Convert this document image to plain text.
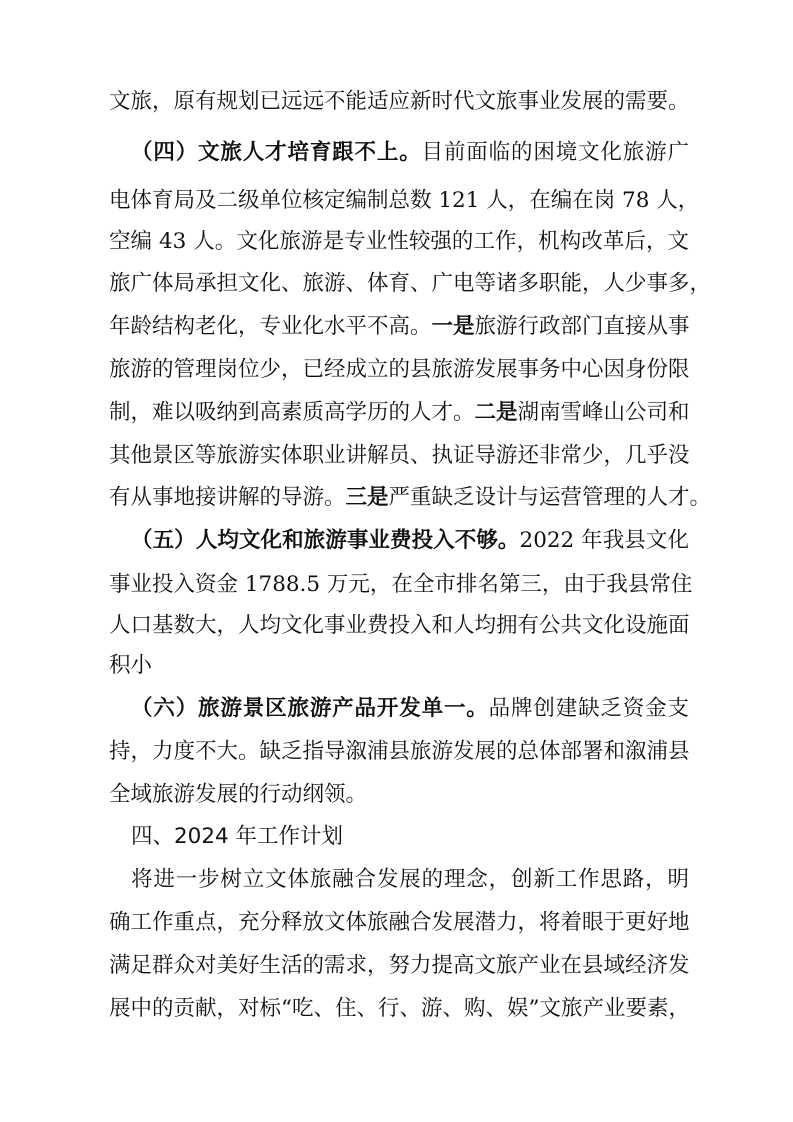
文旅，原有规划已远远不能适应新时代文旅事业发展的需要。
（四）文旅人才培育跟不上。目前面临的困境文化旅游广
电体育局及二级单位核定编制总数 121 人，在编在岗 78 人，
空编 43 人。文化旅游是专业性较强的工作，机构改革后，文
旅广体局承担文化、旅游、体育、广电等诸多职能，人少事多，
年龄结构老化，专业化水平不高。一是旅游行政部门直接从事
旅游的管理岗位少，已经成立的县旅游发展事务中心因身份限
制，难以吸纳到高素质高学历的人才。二是湖南雪峰山公司和
其他景区等旅游实体职业讲解员、执证导游还非常少，几乎没
有从事地接讲解的导游。三是严重缺乏设计与运营管理的人才。
（五）人均文化和旅游事业费投入不够。2022 年我县文化
事业投入资金 1788.5 万元，在全市排名第三，由于我县常住
人口基数大，人均文化事业费投入和人均拥有公共文化设施面
积小
（六）旅游景区旅游产品开发单一。品牌创建缺乏资金支
持，力度不大。缺乏指导溆浦县旅游发展的总体部署和溆浦县
全域旅游发展的行动纲领。
四、2024 年工作计划
将进一步树立文体旅融合发展的理念，创新工作思路，明
确工作重点，充分释放文体旅融合发展潜力，将着眼于更好地
满足群众对美好生活的需求，努力提高文旅产业在县域经济发
展中的贡献，对标“吃、住、行、游、购、娱”文旅产业要素，
